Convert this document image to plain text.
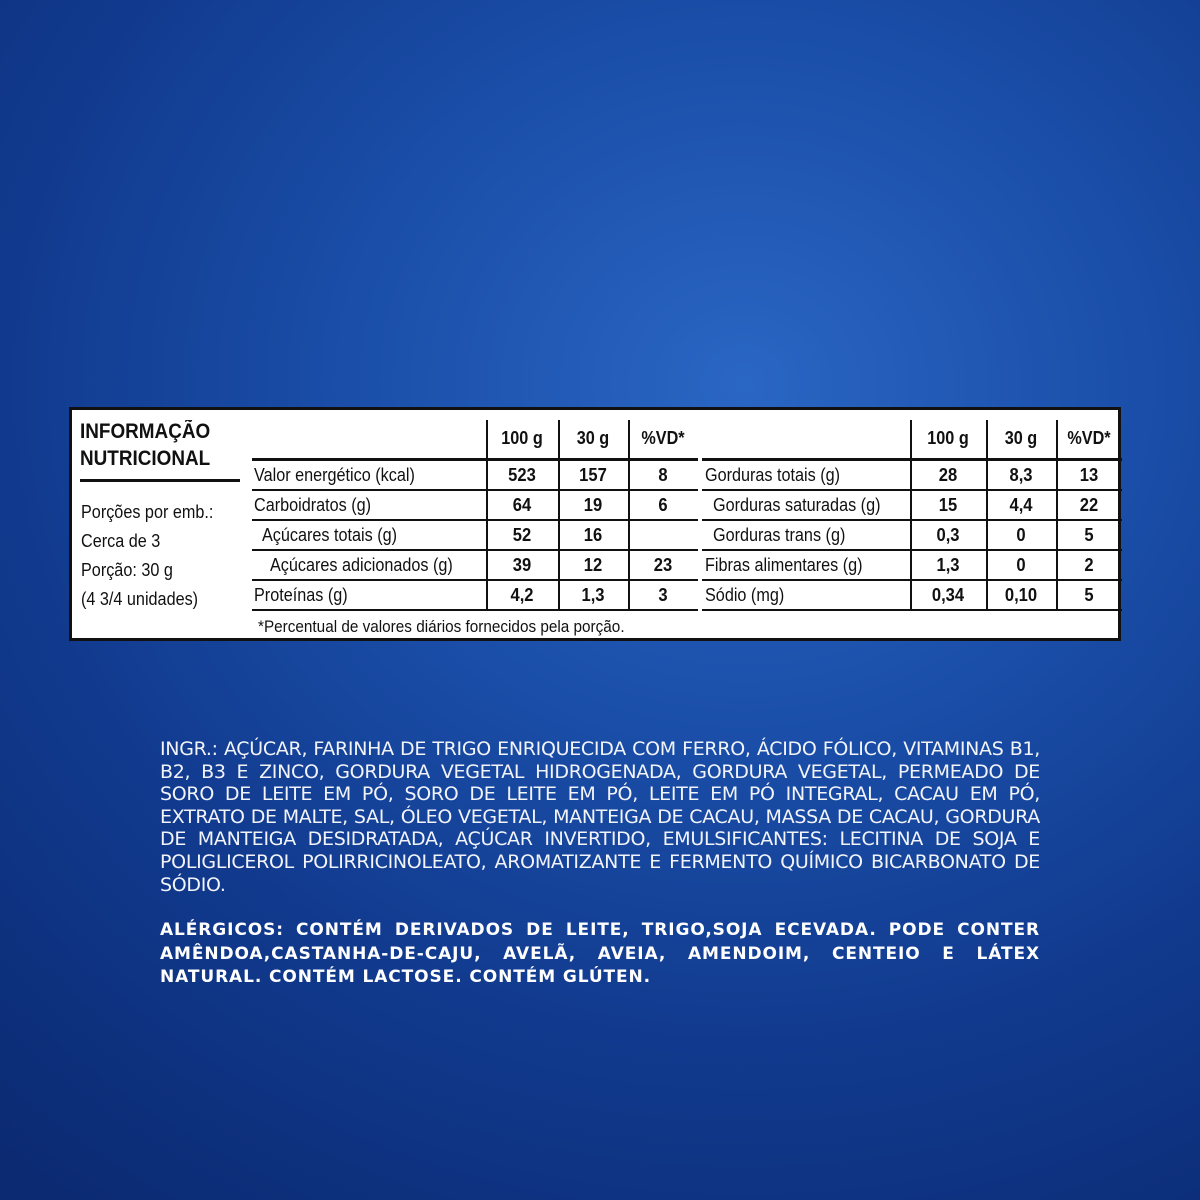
INFORMAÇÃO
NUTRICIONAL
Porções por emb.:
Cerca de 3
Porção: 30 g
(4 3/4 unidades)
100 g	30 g	%VD*
Valor energético (kcal)	523	157	8
Carboidratos (g)	64	19	6
Açúcares totais (g)	52	16
Açúcares adicionados (g)	39	12	23
Proteínas (g)	4,2	1,3	3
100 g	30 g	%VD*
Gorduras totais (g)	28	8,3	13
Gorduras saturadas (g)	15	4,4	22
Gorduras trans (g)	0,3	0	5
Fibras alimentares (g)	1,3	0	2
Sódio (mg)	0,34	0,10	5
*Percentual de valores diários fornecidos pela porção.
INGR.: AÇÚCAR, FARINHA DE TRIGO ENRIQUECIDA COM FERRO, ÁCIDO FÓLICO, VITAMINAS B1, B2, B3 E ZINCO, GORDURA VEGETAL HIDROGENADA, GORDURA VEGETAL, PERMEADO DE SORO DE LEITE EM PÓ, SORO DE LEITE EM PÓ, LEITE EM PÓ INTEGRAL, CACAU EM PÓ, EXTRATO DE MALTE, SAL, ÓLEO VEGETAL, MANTEIGA DE CACAU, MASSA DE CACAU, GORDURA DE MANTEIGA DESIDRATADA, AÇÚCAR INVERTIDO, EMULSIFICANTES: LECITINA DE SOJA E POLIGLICEROL POLIRRICINOLEATO, AROMATIZANTE E FERMENTO QUÍMICO BICARBONATO DE SÓDIO.
ALÉRGICOS: CONTÉM DERIVADOS DE LEITE, TRIGO,SOJA ECEVADA. PODE CONTER AMÊNDOA,CASTANHA-DE-CAJU, AVELÃ, AVEIA, AMENDOIM, CENTEIO E LÁTEX NATURAL. CONTÉM LACTOSE. CONTÉM GLÚTEN.
